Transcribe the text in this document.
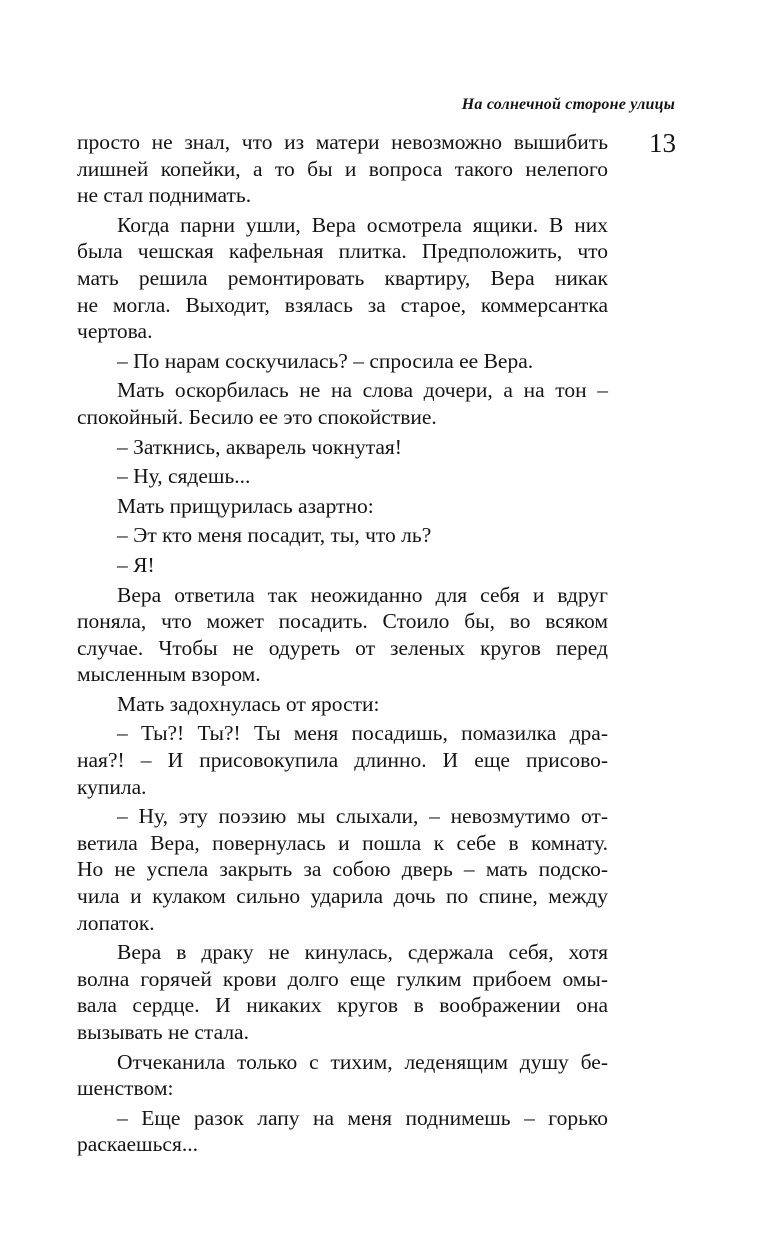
На солнечной стороне улицы
13

просто не знал, что из матери невозможно вышибить
лишней копейки, а то бы и вопроса такого нелепого
не стал поднимать.

Когда парни ушли, Вера осмотрела ящики. В них
была чешская кафельная плитка. Предположить, что
мать решила ремонтировать квартиру, Вера никак
не могла. Выходит, взялась за старое, коммерсантка
чертова.

– По нарам соскучилась? – спросила ее Вера.

Мать оскорбилась не на слова дочери, а на тон –
спокойный. Бесило ее это спокойствие.

– Заткнись, акварель чокнутая!

– Ну, сядешь...

Мать прищурилась азартно:

– Эт кто меня посадит, ты, что ль?

– Я!

Вера ответила так неожиданно для себя и вдруг
поняла, что может посадить. Стоило бы, во всяком
случае. Чтобы не одуреть от зеленых кругов перед
мысленным взором.

Мать задохнулась от ярости:

– Ты?! Ты?! Ты меня посадишь, помазилка дра-
ная?! – И присовокупила длинно. И еще присово-
купила.

– Ну, эту поэзию мы слыхали, – невозмутимо от-
ветила Вера, повернулась и пошла к себе в комнату.
Но не успела закрыть за собою дверь – мать подско-
чила и кулаком сильно ударила дочь по спине, между
лопаток.

Вера в драку не кинулась, сдержала себя, хотя
волна горячей крови долго еще гулким прибоем омы-
вала сердце. И никаких кругов в воображении она
вызывать не стала.

Отчеканила только с тихим, леденящим душу бе-
шенством:

– Еще разок лапу на меня поднимешь – горько
раскаешься...
